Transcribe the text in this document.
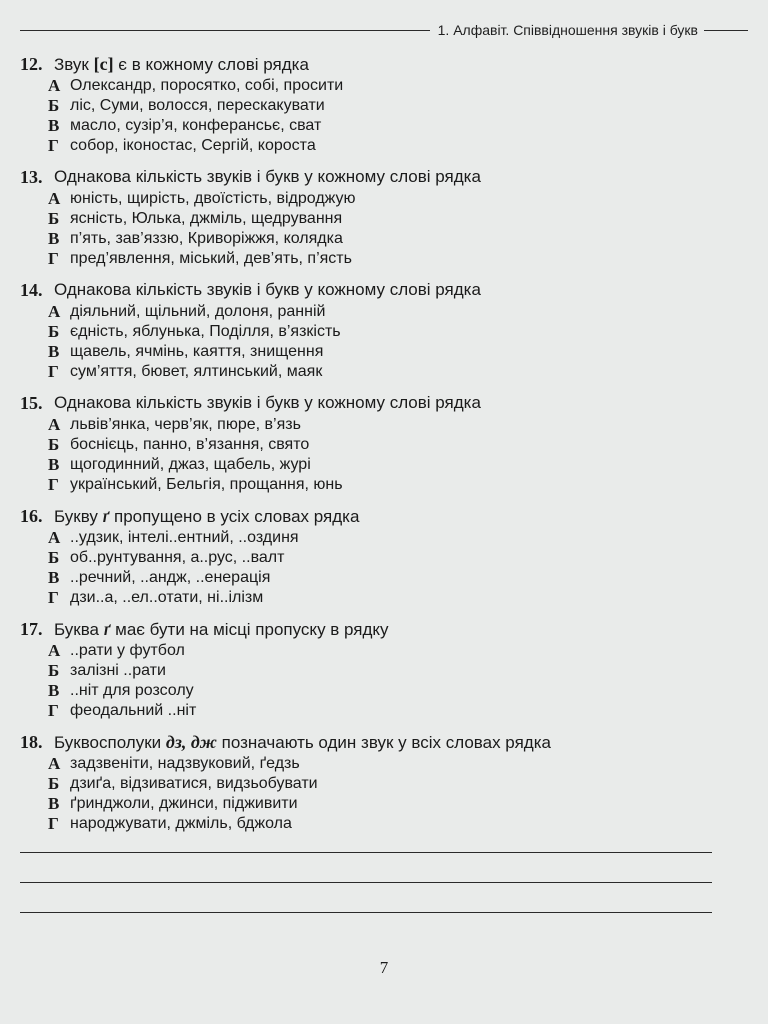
1. Алфавіт. Співвідношення звуків і букв
12. Звук [с] є в кожному слові рядка
А Олександр, поросятко, собі, просити
Б ліс, Суми, волосся, перескакувати
В масло, сузір’я, конферансьє, сват
Г собор, іконостас, Сергій, короста
13. Однакова кількість звуків і букв у кожному слові рядка
А юність, щирість, двоїстість, відроджую
Б ясність, Юлька, джміль, щедрування
В п’ять, зав’яззю, Криворіжжя, колядка
Г пред’явлення, міський, дев’ять, п’ясть
14. Однакова кількість звуків і букв у кожному слові рядка
А діяльний, щільний, долоня, ранній
Б єдність, яблунька, Поділля, в’язкість
В щавель, ячмінь, каяття, знищення
Г сум’яття, бювет, ялтинський, маяк
15. Однакова кількість звуків і букв у кожному слові рядка
А львів’янка, черв’як, пюре, в’язь
Б боснієць, панно, в’язання, свято
В щогодинний, джаз, щабель, журі
Г український, Бельгія, прощання, юнь
16. Букву ґ пропущено в усіх словах рядка
А ..удзик, інтелі..ентний, ..оздиня
Б об..рунтування, а..рус, ..валт
В ..речний, ..андж, ..енерація
Г дзи..а, ..ел..отати, ні..ілізм
17. Буква ґ має бути на місці пропуску в рядку
А ..рати у футбол
Б залізні ..рати
В ..ніт для розсолу
Г феодальний ..ніт
18. Буквосполуки дз, дж позначають один звук у всіх словах рядка
А задзвеніти, надзвуковий, ґедзь
Б дзиґа, відзиватися, видзьобувати
В ґринджоли, джинси, підживити
Г народжувати, джміль, бджола
7
